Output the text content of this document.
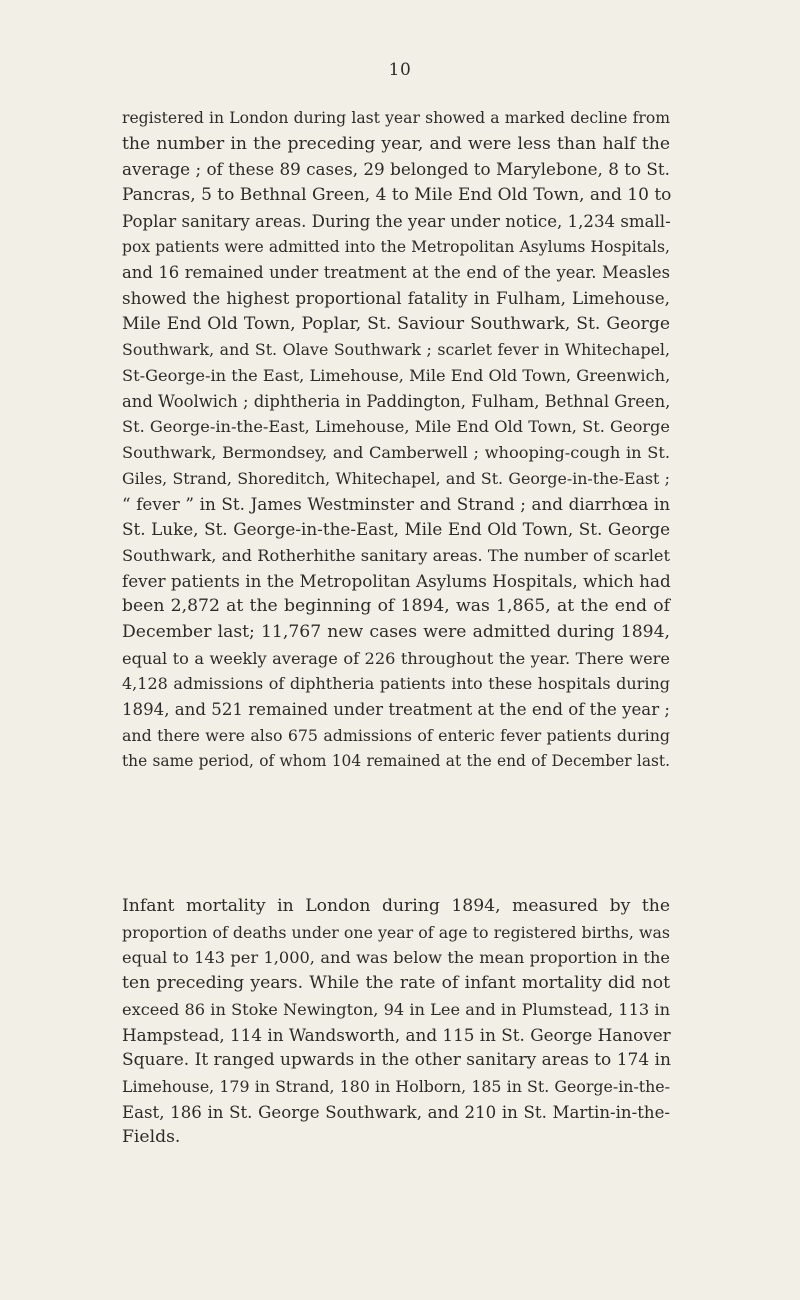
10
registered in London during last year showed a marked decline from
the number in the preceding year, and were less than half the
average ; of these 89 cases, 29 belonged to Marylebone, 8 to St.
Pancras, 5 to Bethnal Green, 4 to Mile End Old Town, and 10 to
Poplar sanitary areas. During the year under notice, 1,234 small-
pox patients were admitted into the Metropolitan Asylums Hospitals,
and 16 remained under treatment at the end of the year. Measles
showed the highest proportional fatality in Fulham, Limehouse,
Mile End Old Town, Poplar, St. Saviour Southwark, St. George
Southwark, and St. Olave Southwark ; scarlet fever in Whitechapel,
St-George-in the East, Limehouse, Mile End Old Town, Greenwich,
and Woolwich ; diphtheria in Paddington, Fulham, Bethnal Green,
St. George-in-the-East, Limehouse, Mile End Old Town, St. George
Southwark, Bermondsey, and Camberwell ; whooping-cough in St.
Giles, Strand, Shoreditch, Whitechapel, and St. George-in-the-East ;
“ fever ” in St. James Westminster and Strand ; and diarrhœa in
St. Luke, St. George-in-the-East, Mile End Old Town, St. George
Southwark, and Rotherhithe sanitary areas. The number of scarlet
fever patients in the Metropolitan Asylums Hospitals, which had
been 2,872 at the beginning of 1894, was 1,865, at the end of
December last; 11,767 new cases were admitted during 1894,
equal to a weekly average of 226 throughout the year. There were
4,128 admissions of diphtheria patients into these hospitals during
1894, and 521 remained under treatment at the end of the year ;
and there were also 675 admissions of enteric fever patients during
the same period, of whom 104 remained at the end of December last.
Infant mortality in London during 1894, measured by the
proportion of deaths under one year of age to registered births, was
equal to 143 per 1,000, and was below the mean proportion in the
ten preceding years. While the rate of infant mortality did not
exceed 86 in Stoke Newington, 94 in Lee and in Plumstead, 113 in
Hampstead, 114 in Wandsworth, and 115 in St. George Hanover
Square. It ranged upwards in the other sanitary areas to 174 in
Limehouse, 179 in Strand, 180 in Holborn, 185 in St. George-in-the-
East, 186 in St. George Southwark, and 210 in St. Martin-in-the-
Fields.
